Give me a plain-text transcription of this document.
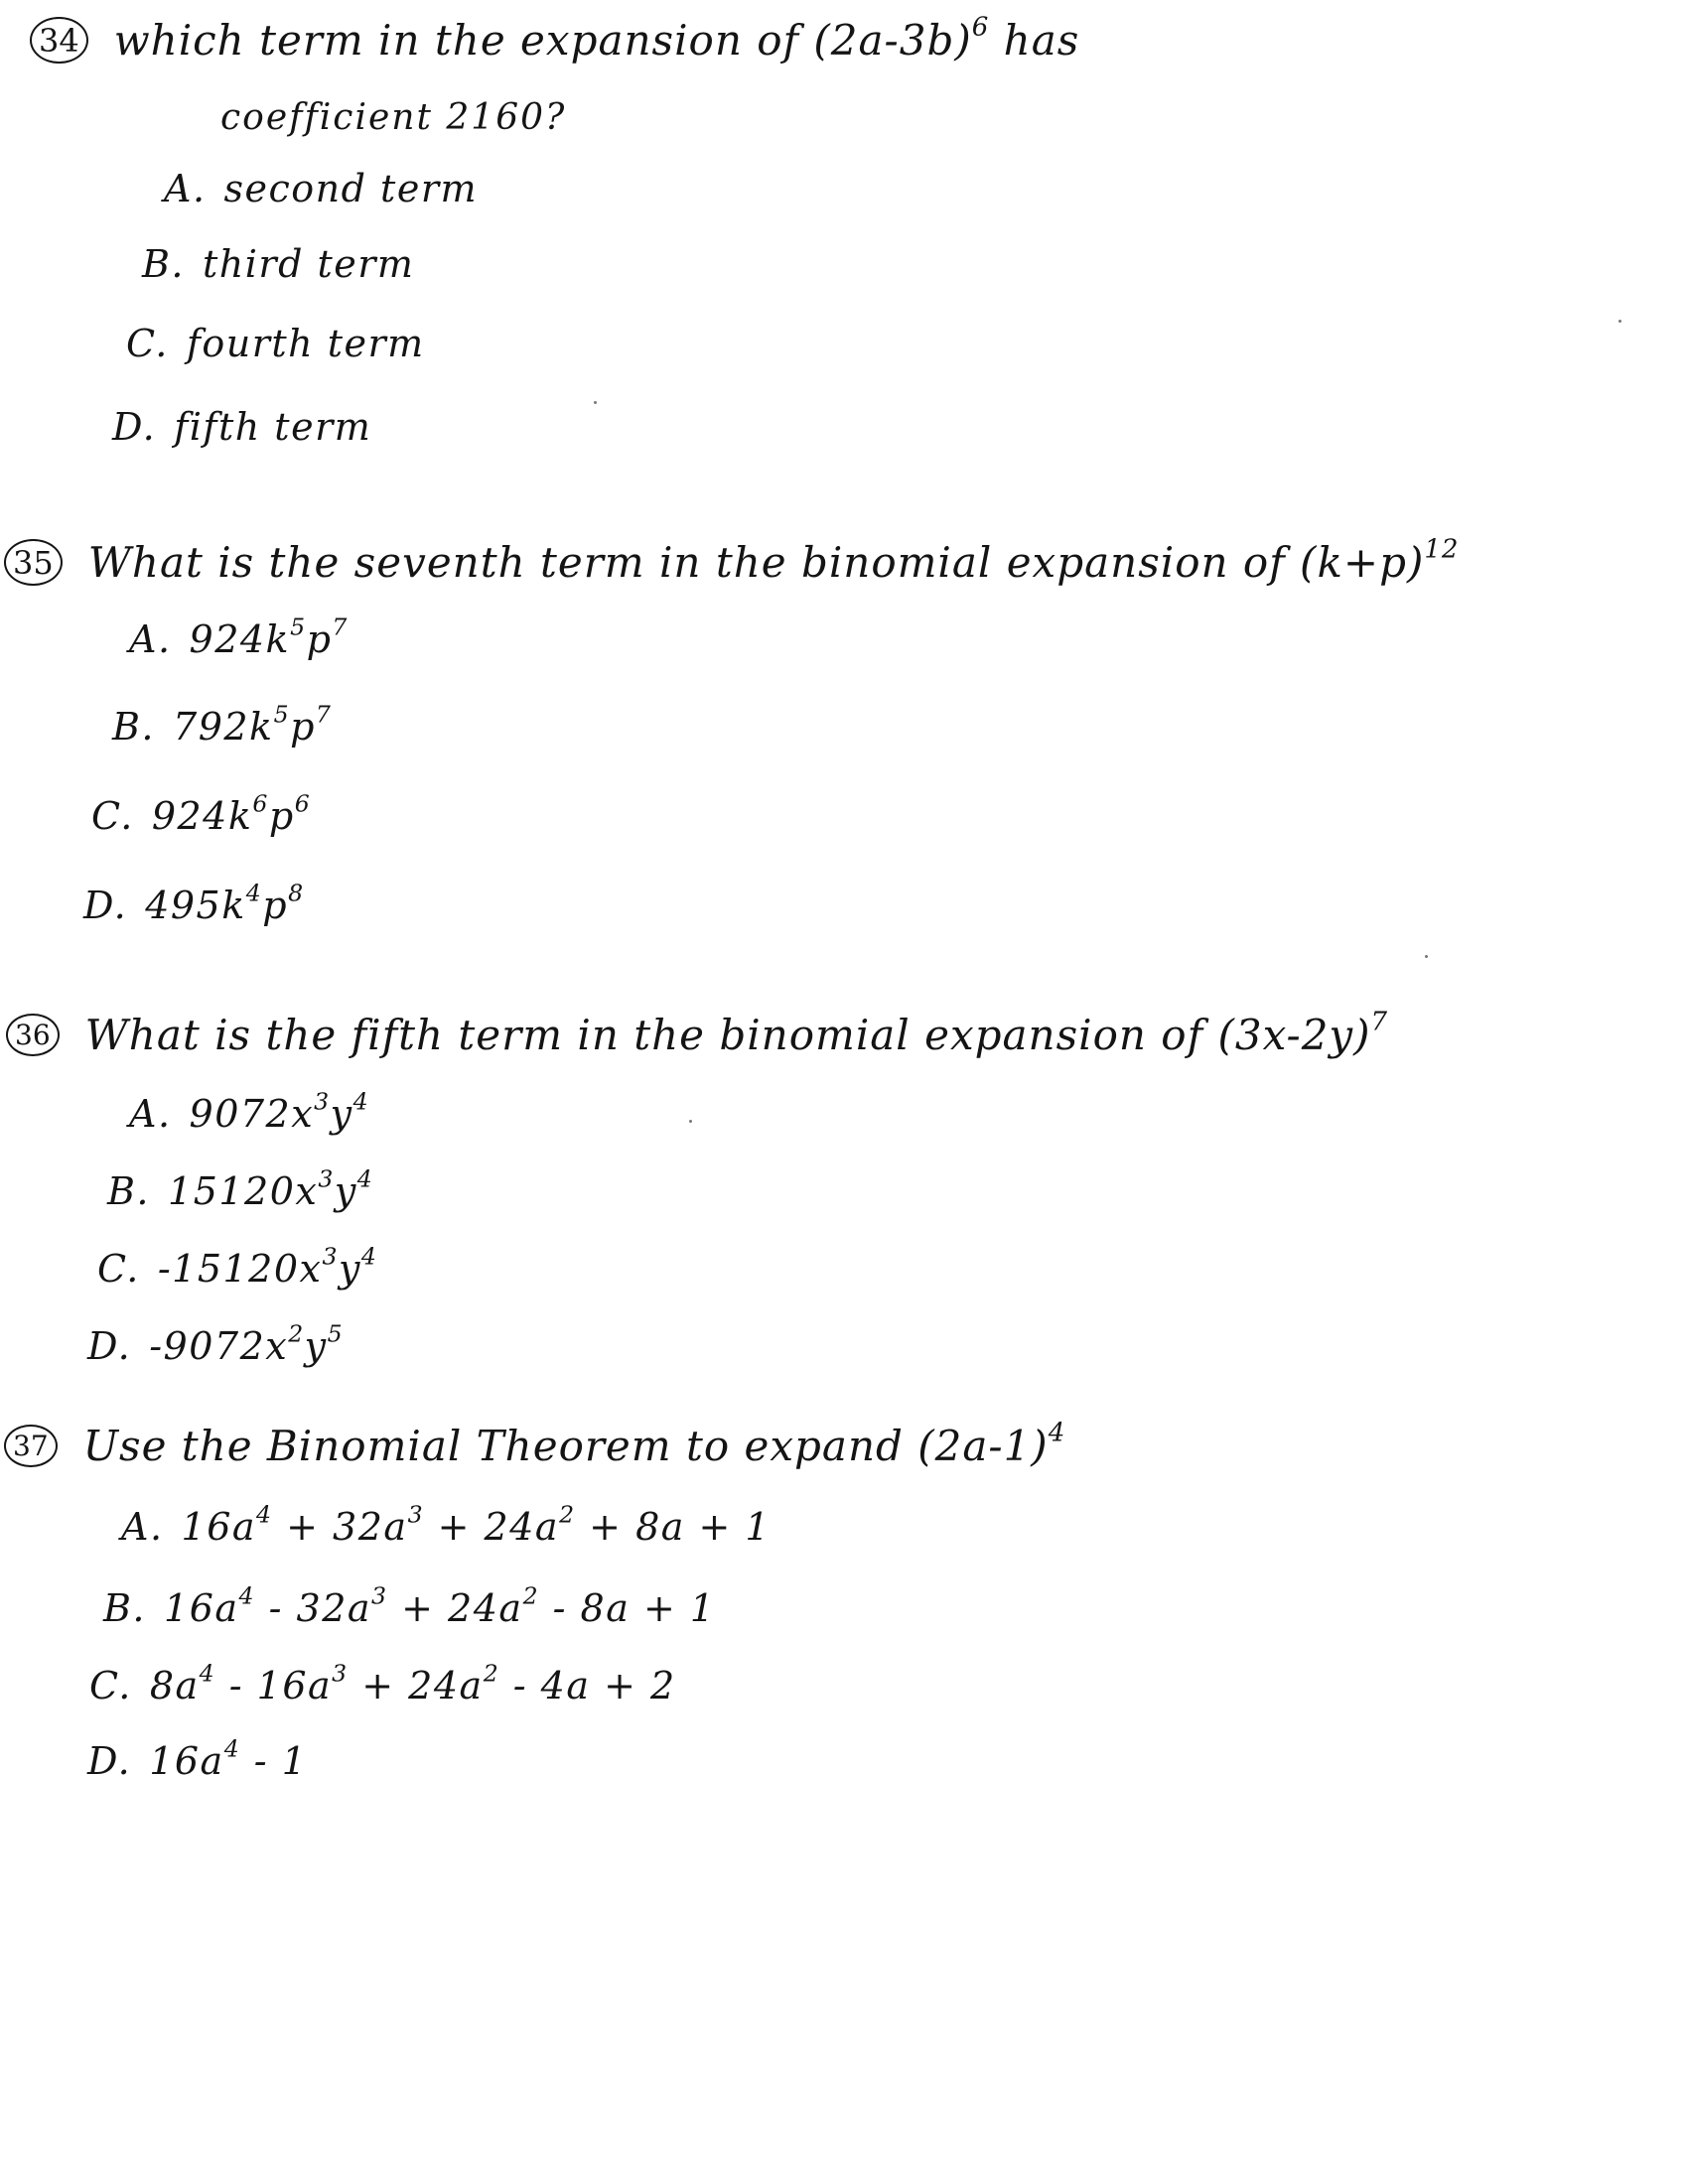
34 which term in the expansion of $(2a-3b)^6$ has
coefficient 2160?
A. second term
B. third term
C. fourth term
D. fifth term
35 What is the seventh term in the binomial expansion of $(k+p)^{12}$
A. $924k^5p^7$
B. $792k^5p^7$
C. $924k^6p^6$
D. $495k^4p^8$
36 What is the fifth term in the binomial expansion of $(3x-2y)^7$
A. $9072x^3y^4$
B. $15120x^3y^4$
C. $-15120x^3y^4$
D. $-9072x^2y^5$
37 Use the Binomial Theorem to expand $(2a-1)^4$
A. $16a^4 + 32a^3 + 24a^2 + 8a + 1$
B. $16a^4 - 32a^3 + 24a^2 - 8a + 1$
C. $8a^4 - 16a^3 + 24a^2 - 4a + 2$
D. $16a^4 - 1$
